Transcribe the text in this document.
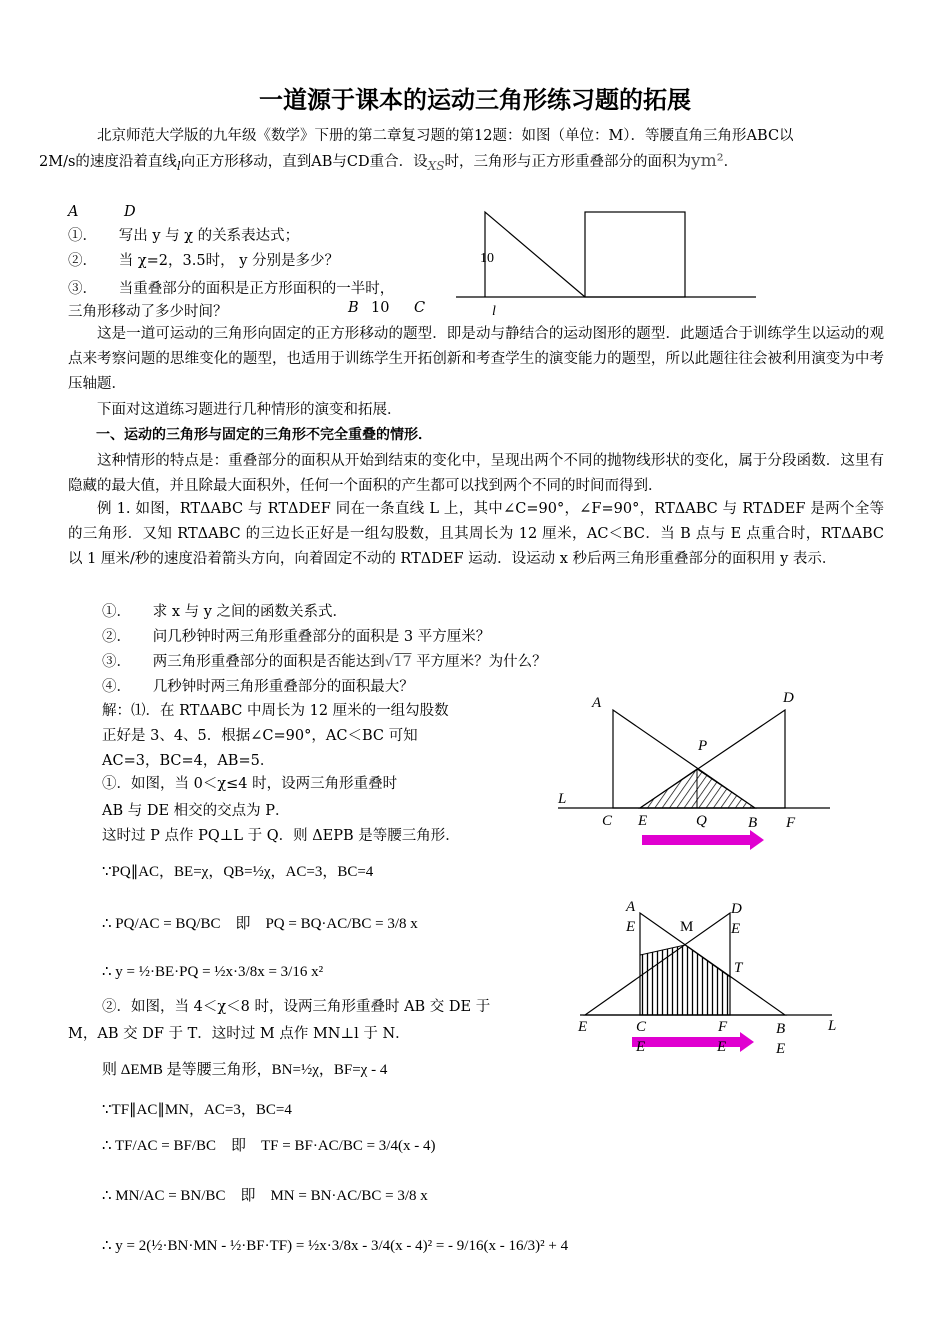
一道源于课本的运动三角形练习题的拓展
北京师范大学版的九年级《数学》下册的第二章复习题的第12题：如图（单位：M）．等腰直角三角形ABC以
2M/s的速度沿着直线$_l$向正方形移动，直到AB与CD重合．设$_{XS}$时，三角形与正方形重叠部分的面积为ym²．
A	D
①．　　写出 y 与 χ 的关系表达式；
②．　　当 χ=2，3.5时， y 分别是多少？
③．　　当重叠部分的面积是正方形面积的一半时，
三角形移动了多少时间？	B 10 C
10
l
这是一道可运动的三角形向固定的正方形移动的题型．即是动与静结合的运动图形的题型．此题适合于训练学生以运动的观点来考察问题的思维变化的题型，也适用于训练学生开拓创新和考查学生的演变能力的题型，所以此题往往会被利用演变为中考压轴题．
下面对这道练习题进行几种情形的演变和拓展．
一、运动的三角形与固定的三角形不完全重叠的情形．
这种情形的特点是：重叠部分的面积从开始到结束的变化中，呈现出两个不同的抛物线形状的变化，属于分段函数．这里有隐藏的最大值，并且除最大面积外，任何一个面积的产生都可以找到两个不同的时间而得到．
例 1. 如图，RTΔABC 与 RTΔDEF 同在一条直线 L 上，其中∠C=90°，∠F=90°，RTΔABC 与 RTΔDEF 是两个全等的三角形．又知 RTΔABC 的三边长正好是一组勾股数，且其周长为 12 厘米，AC＜BC．当 B 点与 E 点重合时，RTΔABC 以 1 厘米/秒的速度沿着箭头方向，向着固定不动的 RTΔDEF 运动．设运动 x 秒后两三角形重叠部分的面积用 y 表示．
①．　　求 x 与 y 之间的函数关系式．
②．　　问几秒钟时两三角形重叠部分的面积是 3 平方厘米？
③．　　两三角形重叠部分的面积是否能达到√17 平方厘米？为什么？
④．　　几秒钟时两三角形重叠部分的面积最大？
解：⑴．在 RTΔABC 中周长为 12 厘米的一组勾股数
正好是 3、4、5．根据∠C=90°，AC＜BC 可知
AC=3，BC=4，AB=5．
①．如图，当 0＜χ≤4 时，设两三角形重叠时
AB 与 DE 相交的交点为 P．
这时过 P 点作 PQ⊥L 于 Q．则 ΔEPB 是等腰三角形．
∵PQ∥AC，BE=χ，QB=½χ，AC=3，BC=4
∴ PQ/AC = BQ/BC　即　PQ = BQ·AC/BC = 3/8 x
∴ y = ½·BE·PQ = ½x·3/8x = 3/16 x²
②．如图，当 4＜χ＜8 时，设两三角形重叠时 AB 交 DE 于
M，AB 交 DF 于 T．这时过 M 点作 MN⊥l 于 N．
则 ΔEMB 是等腰三角形，BN=½χ，BF=χ - 4
∵TF∥AC∥MN，AC=3，BC=4
∴ TF/AC = BF/BC　即　TF = BF·AC/BC = 3/4(x - 4)
∴ MN/AC = BN/BC　即　MN = BN·AC/BC = 3/8 x
∴ y = 2(½·BN·MN - ½·BF·TF) = ½x·3/8x - 3/4(x - 4)² = - 9/16(x - 16/3)² + 4
A	D
P
L
C E	Q	B F
A
E	M
D
E
T
E	C	F	B	L
E	E	E
